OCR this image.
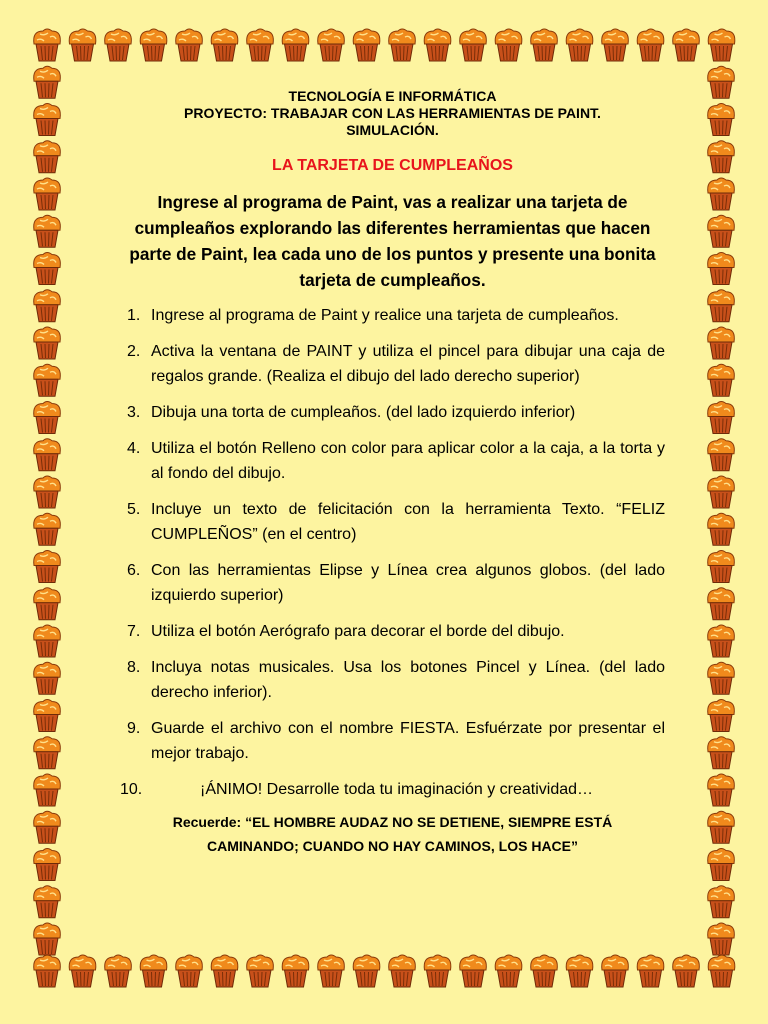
TECNOLOGÍA E INFORMÁTICA

PROYECTO: TRABAJAR CON LAS HERRAMIENTAS DE PAINT.

SIMULACIÓN.

LA TARJETA DE CUMPLEAÑOS

Ingrese al programa de Paint, vas a realizar una tarjeta de cumpleaños explorando las diferentes herramientas que hacen parte de Paint, lea cada uno de los puntos y presente una bonita tarjeta de cumpleaños.

1. Ingrese al programa de Paint y realice una tarjeta de cumpleaños.
2. Activa la ventana de PAINT y utiliza el pincel para dibujar una caja de regalos grande. (Realiza el dibujo del lado derecho superior)
3. Dibuja una torta de cumpleaños. (del lado izquierdo inferior)
4. Utiliza el botón Relleno con color para aplicar color a la caja, a la torta y al fondo del dibujo.
5. Incluye un texto de felicitación con la herramienta Texto. “FELIZ CUMPLEÑOS” (en el centro)
6. Con las herramientas Elipse y Línea crea algunos globos. (del lado izquierdo superior)
7. Utiliza el botón Aerógrafo para decorar el borde del dibujo.
8. Incluya notas musicales. Usa los botones Pincel y Línea. (del lado derecho inferior).
9. Guarde el archivo con el nombre FIESTA. Esfuérzate por presentar el mejor trabajo.
10.	¡ÁNIMO! Desarrolle toda tu imaginación y creatividad…

Recuerde: “EL HOMBRE AUDAZ NO SE DETIENE, SIEMPRE ESTÁ

CAMINANDO; CUANDO NO HAY CAMINOS, LOS HACE”
